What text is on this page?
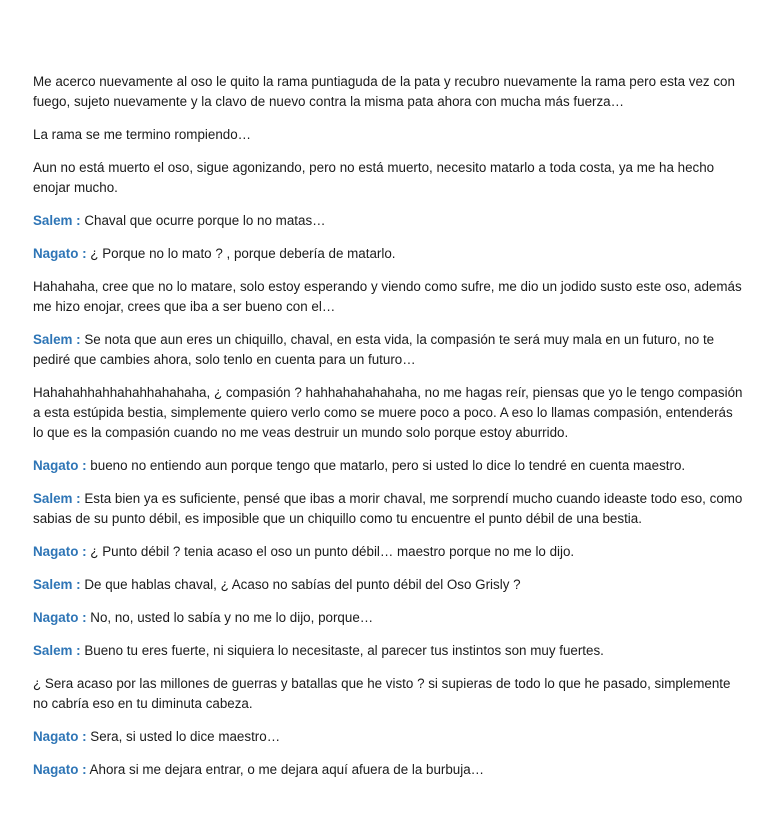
Me acerco nuevamente al oso le quito la rama puntiaguda de la pata y recubro nuevamente la rama pero esta vez con fuego, sujeto nuevamente y la clavo de nuevo contra la misma pata ahora con mucha más fuerza…

La rama se me termino rompiendo…

Aun no está muerto el oso, sigue agonizando, pero no está muerto, necesito matarlo a toda costa, ya me ha hecho enojar mucho.

Salem : Chaval que ocurre porque lo no matas…

Nagato : ¿ Porque no lo mato ? , porque debería de matarlo.

Hahahaha, cree que no lo matare, solo estoy esperando y viendo como sufre, me dio un jodido susto este oso, además me hizo enojar, crees que iba a ser bueno con el…

Salem : Se nota que aun eres un chiquillo, chaval, en esta vida, la compasión te será muy mala en un futuro, no te pediré que cambies ahora, solo tenlo en cuenta para un futuro…

Hahahahhahhahahhahahaha, ¿ compasión ? hahhahahahahaha, no me hagas reír, piensas que yo le tengo compasión a esta estúpida bestia, simplemente quiero verlo como se muere poco a poco. A eso lo llamas compasión, entenderás lo que es la compasión cuando no me veas destruir un mundo solo porque estoy aburrido.

Nagato : bueno no entiendo aun porque tengo que matarlo, pero si usted lo dice lo tendré en cuenta maestro.

Salem : Esta bien ya es suficiente, pensé que ibas a morir chaval, me sorprendí mucho cuando ideaste todo eso, como sabias de su punto débil, es imposible que un chiquillo como tu encuentre el punto débil de una bestia.

Nagato : ¿ Punto débil ? tenia acaso el oso un punto débil… maestro porque no me lo dijo.

Salem : De que hablas chaval, ¿ Acaso no sabías del punto débil del Oso Grisly ?

Nagato : No, no, usted lo sabía y no me lo dijo, porque…

Salem : Bueno tu eres fuerte, ni siquiera lo necesitaste, al parecer tus instintos son muy fuertes.

¿ Sera acaso por las millones de guerras y batallas que he visto ? si supieras de todo lo que he pasado, simplemente no cabría eso en tu diminuta cabeza.

Nagato : Sera, si usted lo dice maestro…

Nagato : Ahora si me dejara entrar, o me dejara aquí afuera de la burbuja…
